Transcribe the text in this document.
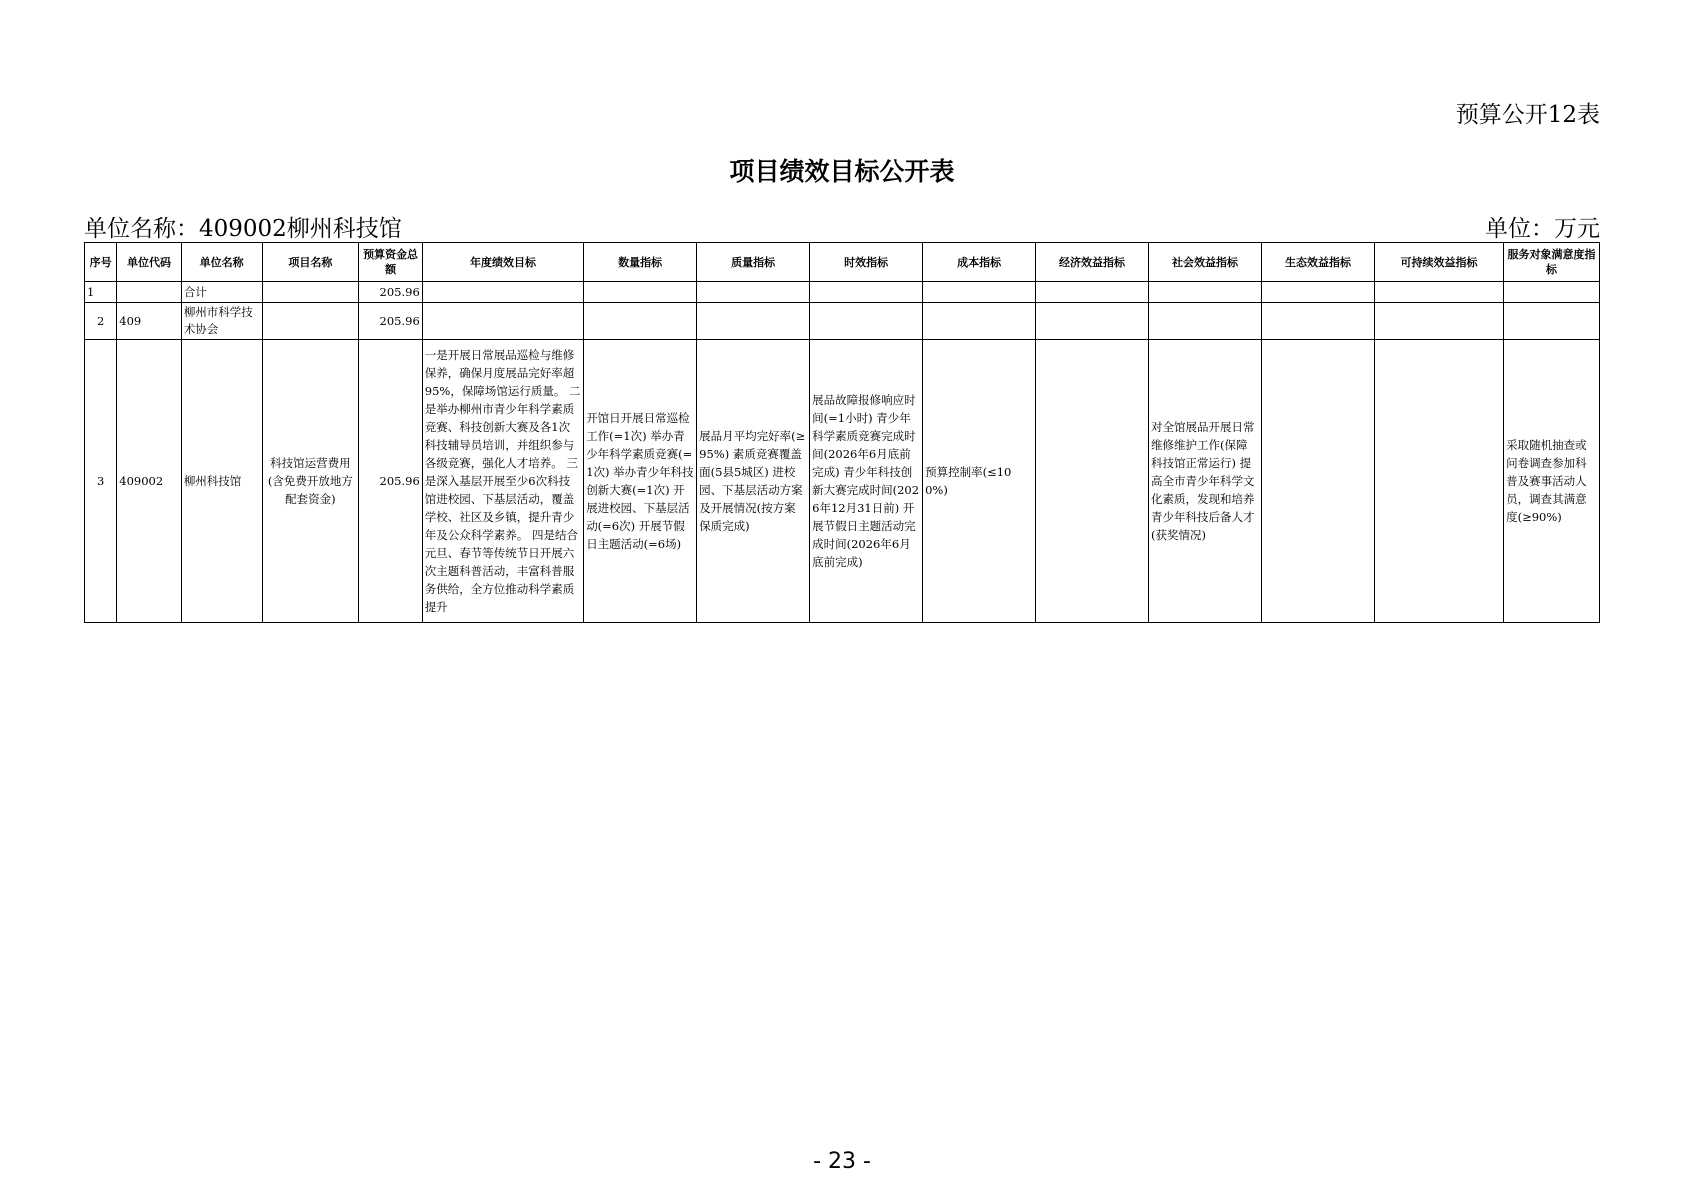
预算公开12表
项目绩效目标公开表
单位名称：409002柳州科技馆	单位：万元
序号	单位代码	单位名称	项目名称	预算资金总额	年度绩效目标	数量指标	质量指标	时效指标	成本指标	经济效益指标	社会效益指标	生态效益指标	可持续效益指标	服务对象满意度指标
1		合计		205.96										
2	409	柳州市科学技术协会		205.96										
3	409002	柳州科技馆	科技馆运营费用(含免费开放地方配套资金)	205.96	一是开展日常展品巡检与维修保养，确保月度展品完好率超95%，保障场馆运行质量。 二是举办柳州市青少年科学素质竞赛、科技创新大赛及各1次科技辅导员培训，并组织参与各级竞赛，强化人才培养。 三是深入基层开展至少6次科技馆进校园、下基层活动，覆盖学校、社区及乡镇，提升青少年及公众科学素养。 四是结合元旦、春节等传统节日开展六次主题科普活动，丰富科普服务供给，全方位推动科学素质提升	开馆日开展日常巡检工作(=1次) 举办青少年科学素质竞赛(=1次) 举办青少年科技创新大赛(=1次) 开展进校园、下基层活动(=6次) 开展节假日主题活动(=6场)	展品月平均完好率(≥95%) 素质竞赛覆盖面(5县5城区) 进校园、下基层活动方案及开展情况(按方案保质完成)	展品故障报修响应时间(=1小时) 青少年科学素质竞赛完成时间(2026年6月底前完成) 青少年科技创新大赛完成时间(2026年12月31日前) 开展节假日主题活动完成时间(2026年6月底前完成)	预算控制率(≤100%)		对全馆展品开展日常维修维护工作(保障科技馆正常运行) 提高全市青少年科学文化素质，发现和培养青少年科技后备人才(获奖情况)			采取随机抽查或问卷调查参加科普及赛事活动人员，调查其满意度(≥90%)
- 23 -
